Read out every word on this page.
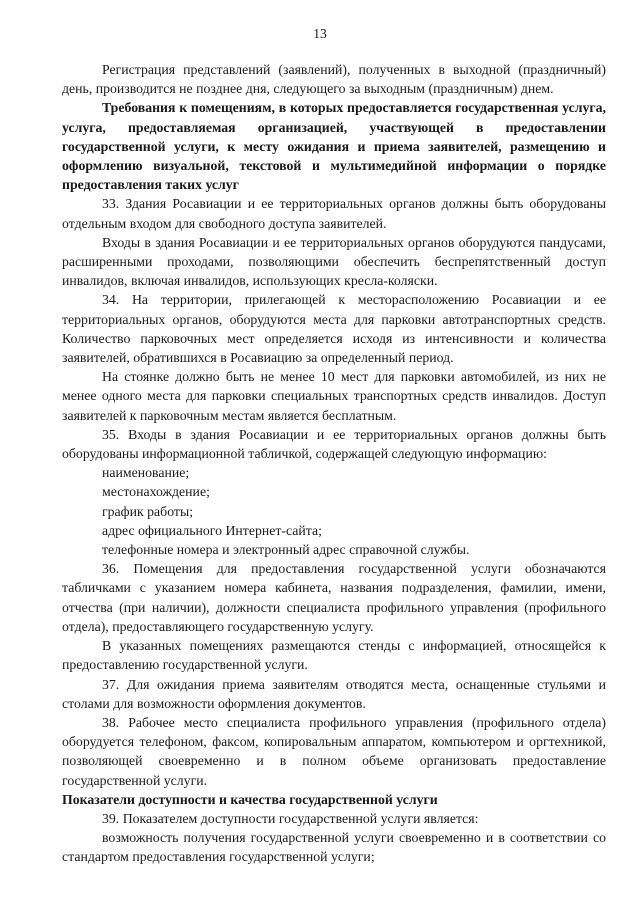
13

Регистрация представлений (заявлений), полученных в выходной (праздничный) день, производится не позднее дня, следующего за выходным (праздничным) днем.

Требования к помещениям, в которых предоставляется государственная услуга, услуга, предоставляемая организацией, участвующей в предоставлении государственной услуги, к месту ожидания и приема заявителей, размещению и оформлению визуальной, текстовой и мультимедийной информации о порядке предоставления таких услуг

33. Здания Росавиации и ее территориальных органов должны быть оборудованы отдельным входом для свободного доступа заявителей.

Входы в здания Росавиации и ее территориальных органов оборудуются пандусами, расширенными проходами, позволяющими обеспечить беспрепятственный доступ инвалидов, включая инвалидов, использующих кресла-коляски.

34. На территории, прилегающей к месторасположению Росавиации и ее территориальных органов, оборудуются места для парковки автотранспортных средств. Количество парковочных мест определяется исходя из интенсивности и количества заявителей, обратившихся в Росавиацию за определенный период.

На стоянке должно быть не менее 10 мест для парковки автомобилей, из них не менее одного места для парковки специальных транспортных средств инвалидов. Доступ заявителей к парковочным местам является бесплатным.

35. Входы в здания Росавиации и ее территориальных органов должны быть оборудованы информационной табличкой, содержащей следующую информацию:

наименование;

местонахождение;

график работы;

адрес официального Интернет-сайта;

телефонные номера и электронный адрес справочной службы.

36. Помещения для предоставления государственной услуги обозначаются табличками с указанием номера кабинета, названия подразделения, фамилии, имени, отчества (при наличии), должности специалиста профильного управления (профильного отдела), предоставляющего государственную услугу.

В указанных помещениях размещаются стенды с информацией, относящейся к предоставлению государственной услуги.

37. Для ожидания приема заявителям отводятся места, оснащенные стульями и столами для возможности оформления документов.

38. Рабочее место специалиста профильного управления (профильного отдела) оборудуется телефоном, факсом, копировальным аппаратом, компьютером и оргтехникой, позволяющей своевременно и в полном объеме организовать предоставление государственной услуги.

Показатели доступности и качества государственной услуги

39. Показателем доступности государственной услуги является:

возможность получения государственной услуги своевременно и в соответствии со стандартом предоставления государственной услуги;
